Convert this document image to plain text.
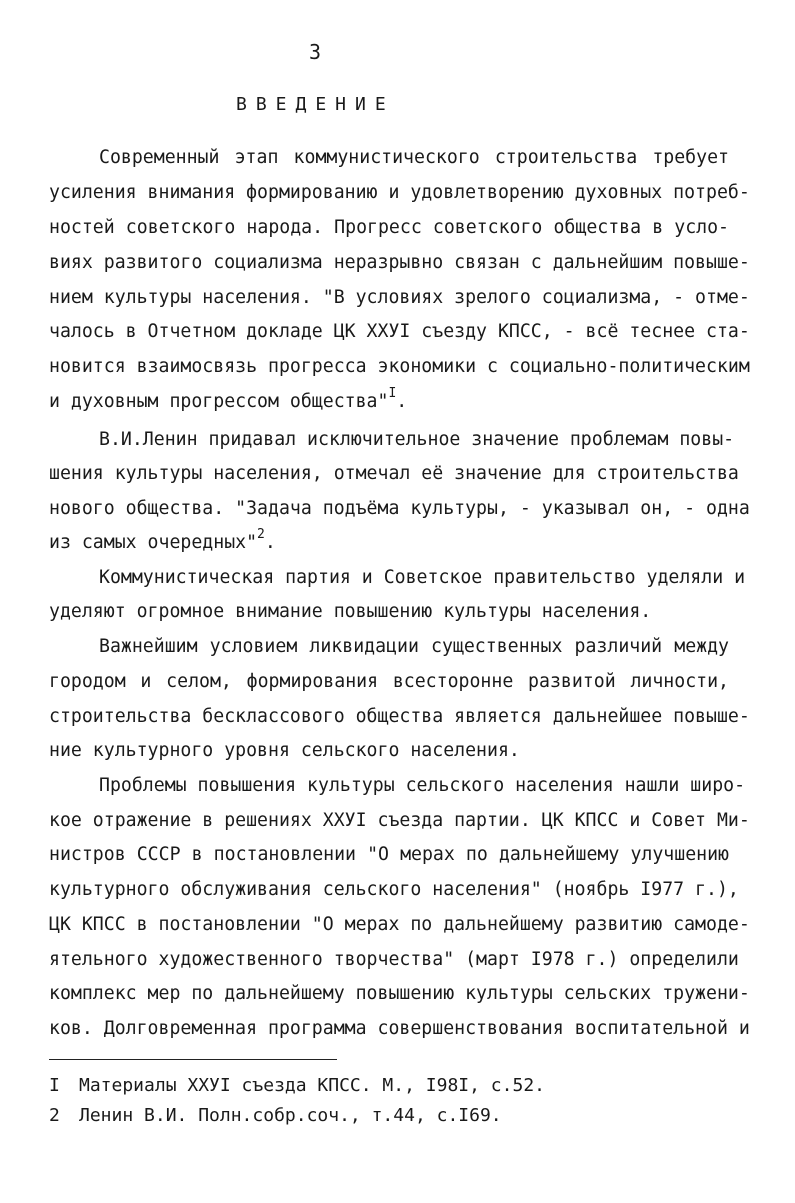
3
ВВЕДЕНИЕ
Современный этап коммунистического строительства требует
усиления внимания формированию и удовлетворению духовных потреб-
ностей советского народа. Прогресс советского общества в усло-
виях развитого социализма неразрывно связан с дальнейшим повыше-
нием культуры населения. "В условиях зрелого социализма, - отме-
чалось в Отчетном докладе ЦК ХХУI съезду КПСС, - всё теснее ста-
новится взаимосвязь прогресса экономики с социально-политическим
и духовным прогрессом общества"$^I$.
В.И.Ленин придавал исключительное значение проблемам повы-
шения культуры населения, отмечал её значение для строительства
нового общества. "Задача подъёма культуры, - указывал он, - одна
из самых очередных"$^2$.
Коммунистическая партия и Советское правительство уделяли и
уделяют огромное внимание повышению культуры населения.
Важнейшим условием ликвидации существенных различий между
городом и селом, формирования всесторонне развитой личности,
строительства бесклассового общества является дальнейшее повыше-
ние культурного уровня сельского населения.
Проблемы повышения культуры сельского населения нашли широ-
кое отражение в решениях ХХУI съезда партии. ЦК КПСС и Совет Ми-
нистров СССР в постановлении "О мерах по дальнейшему улучшению
культурного обслуживания сельского населения" (ноябрь I977 г.),
ЦК КПСС в постановлении "О мерах по дальнейшему развитию самоде-
ятельного художественного творчества" (март I978 г.) определили
комплекс мер по дальнейшему повышению культуры сельских тружени-
ков. Долговременная программа совершенствования воспитательной и
I Материалы ХХУI съезда КПСС. М., I98I, с.52.
2 Ленин В.И. Полн.собр.соч., т.44, с.I69.
